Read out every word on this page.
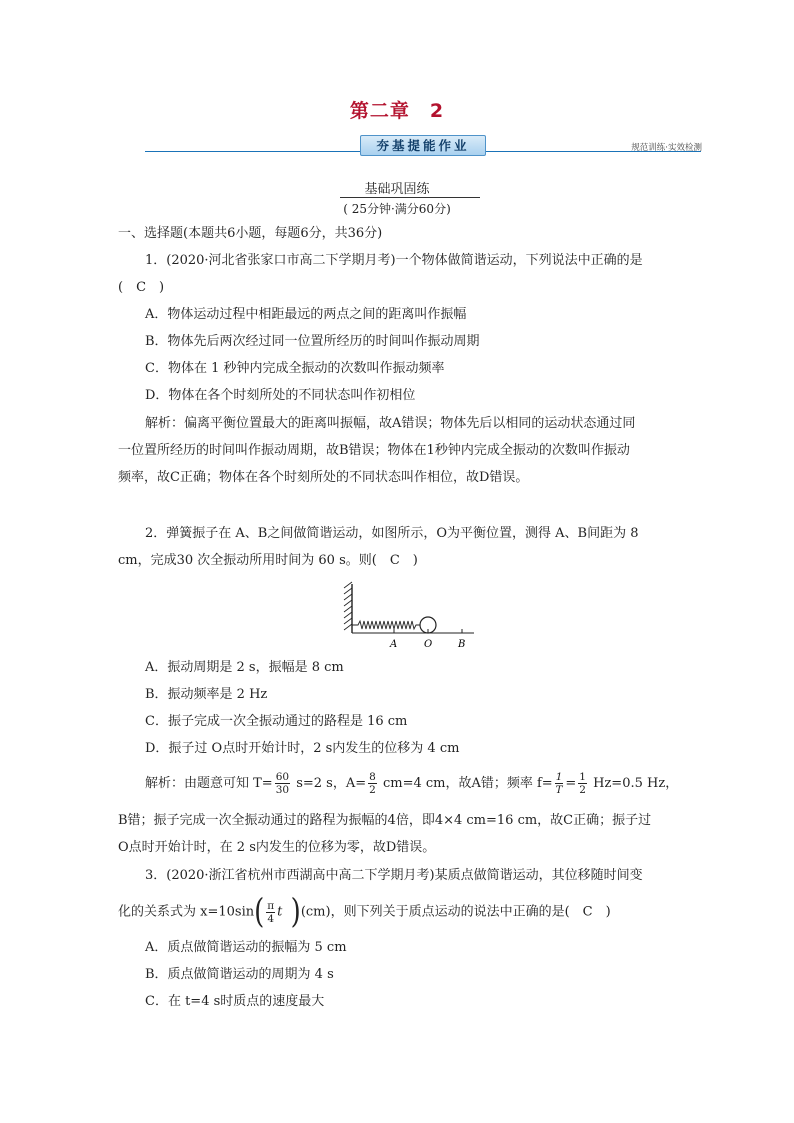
第二章　2
夯基提能作业	规范训练·实效检测
基础巩固练
( 25分钟·满分60分)
一、选择题(本题共6小题，每题6分，共36分)
1．(2020·河北省张家口市高二下学期月考)一个物体做简谐运动，下列说法中正确的是
(　C　)
A．物体运动过程中相距最远的两点之间的距离叫作振幅
B．物体先后两次经过同一位置所经历的时间叫作振动周期
C．物体在 1 秒钟内完成全振动的次数叫作振动频率
D．物体在各个时刻所处的不同状态叫作初相位
解析：偏离平衡位置最大的距离叫振幅，故A错误；物体先后以相同的运动状态通过同
一位置所经历的时间叫作振动周期，故B错误；物体在1秒钟内完成全振动的次数叫作振动
频率，故C正确；物体在各个时刻所处的不同状态叫作相位，故D错误。
2．弹簧振子在 A、B之间做简谐运动，如图所示，O为平衡位置，测得 A、B间距为 8
cm，完成30 次全振动所用时间为 60 s。则(　C　)
A	O	B
A．振动周期是 2 s，振幅是 8 cm
B．振动频率是 2 Hz
C．振子完成一次全振动通过的路程是 16 cm
D．振子过 O点时开始计时，2 s内发生的位移为 4 cm
解析：由题意可知 $T= \frac{60}{30} s=2$ s，$A= \frac{8}{2} cm=4$ cm，故A错；频率 $f= \frac{1}{T} = \frac{1}{2} Hz=0.5$ Hz，
B错；振子完成一次全振动通过的路程为振幅的4倍，即4×4 cm=16 cm，故C正确；振子过
O点时开始计时，在 2 s内发生的位移为零，故D错误。
3．(2020·浙江省杭州市西湖高中高二下学期月考)某质点做简谐运动，其位移随时间变
化的关系式为 $x=10\sin( \frac{\pi}{4}$ t )(cm)，则下列关于质点运动的说法中正确的是(　C　)
A．质点做简谐运动的振幅为 5 cm
B．质点做简谐运动的周期为 4 s
C．在 t=4 s时质点的速度最大
